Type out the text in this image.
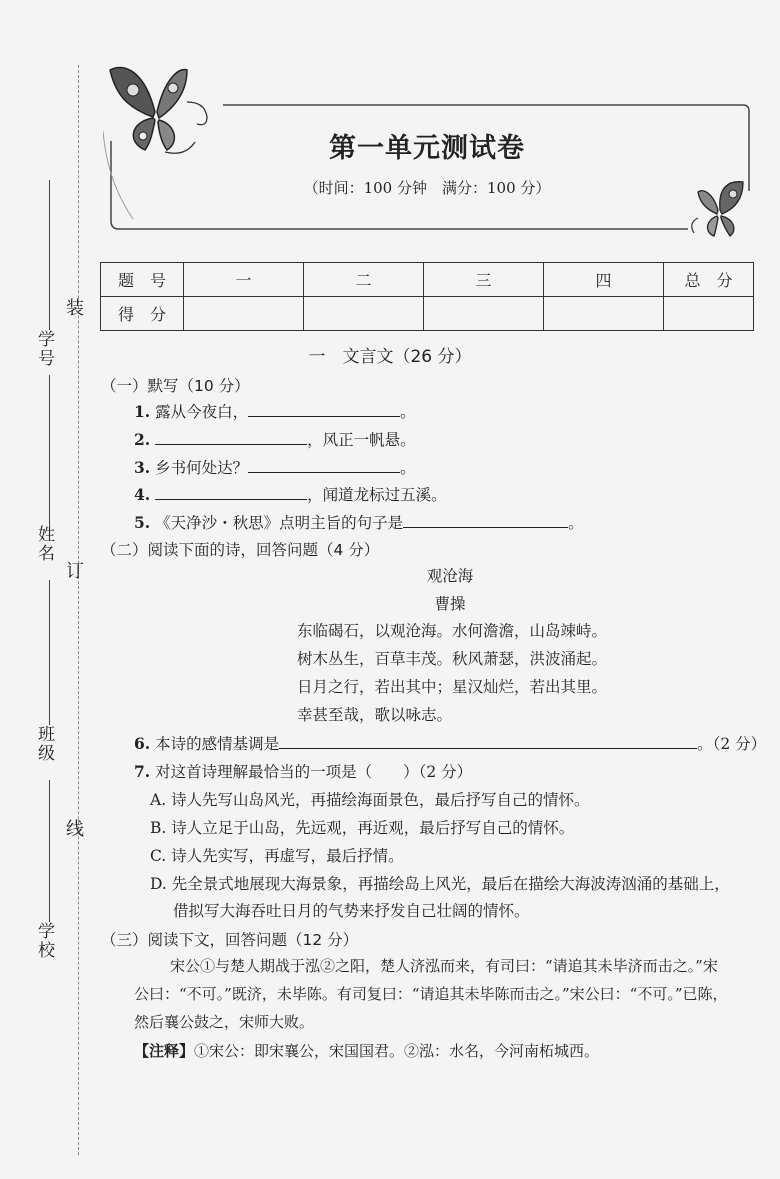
学号
姓名
班级
学校
装
订
线
第一单元测试卷
（时间：100 分钟　满分：100 分）
题　号	一	二	三	四	总　分
得　分					
一　文言文（26 分）
（一）默写（10 分）
1. 露从今夜白，	。
2.	，风正一帆悬。
3. 乡书何处达？	。
4.	，闻道龙标过五溪。
5. 《天净沙・秋思》点明主旨的句子是	。
（二）阅读下面的诗，回答问题（4 分）
观沧海
曹操
东临碣石，以观沧海。水何澹澹，山岛竦峙。
树木丛生，百草丰茂。秋风萧瑟，洪波涌起。
日月之行，若出其中；星汉灿烂，若出其里。
幸甚至哉，歌以咏志。
6. 本诗的感情基调是	。（2 分）
7. 对这首诗理解最恰当的一项是（　　）（2 分）
A. 诗人先写山岛风光，再描绘海面景色，最后抒写自己的情怀。
B. 诗人立足于山岛，先远观，再近观，最后抒写自己的情怀。
C. 诗人先实写，再虚写，最后抒情。
D. 先全景式地展现大海景象，再描绘岛上风光，最后在描绘大海波涛汹涌的基础上，
借拟写大海吞吐日月的气势来抒发自己壮阔的情怀。
（三）阅读下文，回答问题（12 分）
宋公①与楚人期战于泓②之阳，楚人济泓而来，有司曰：“请追其未毕济而击之。”宋
公曰：“不可。”既济，未毕陈。有司复曰：“请追其未毕陈而击之。”宋公曰：“不可。”已陈，
然后襄公鼓之，宋师大败。
【注释】①宋公：即宋襄公，宋国国君。②泓：水名，今河南柘城西。
